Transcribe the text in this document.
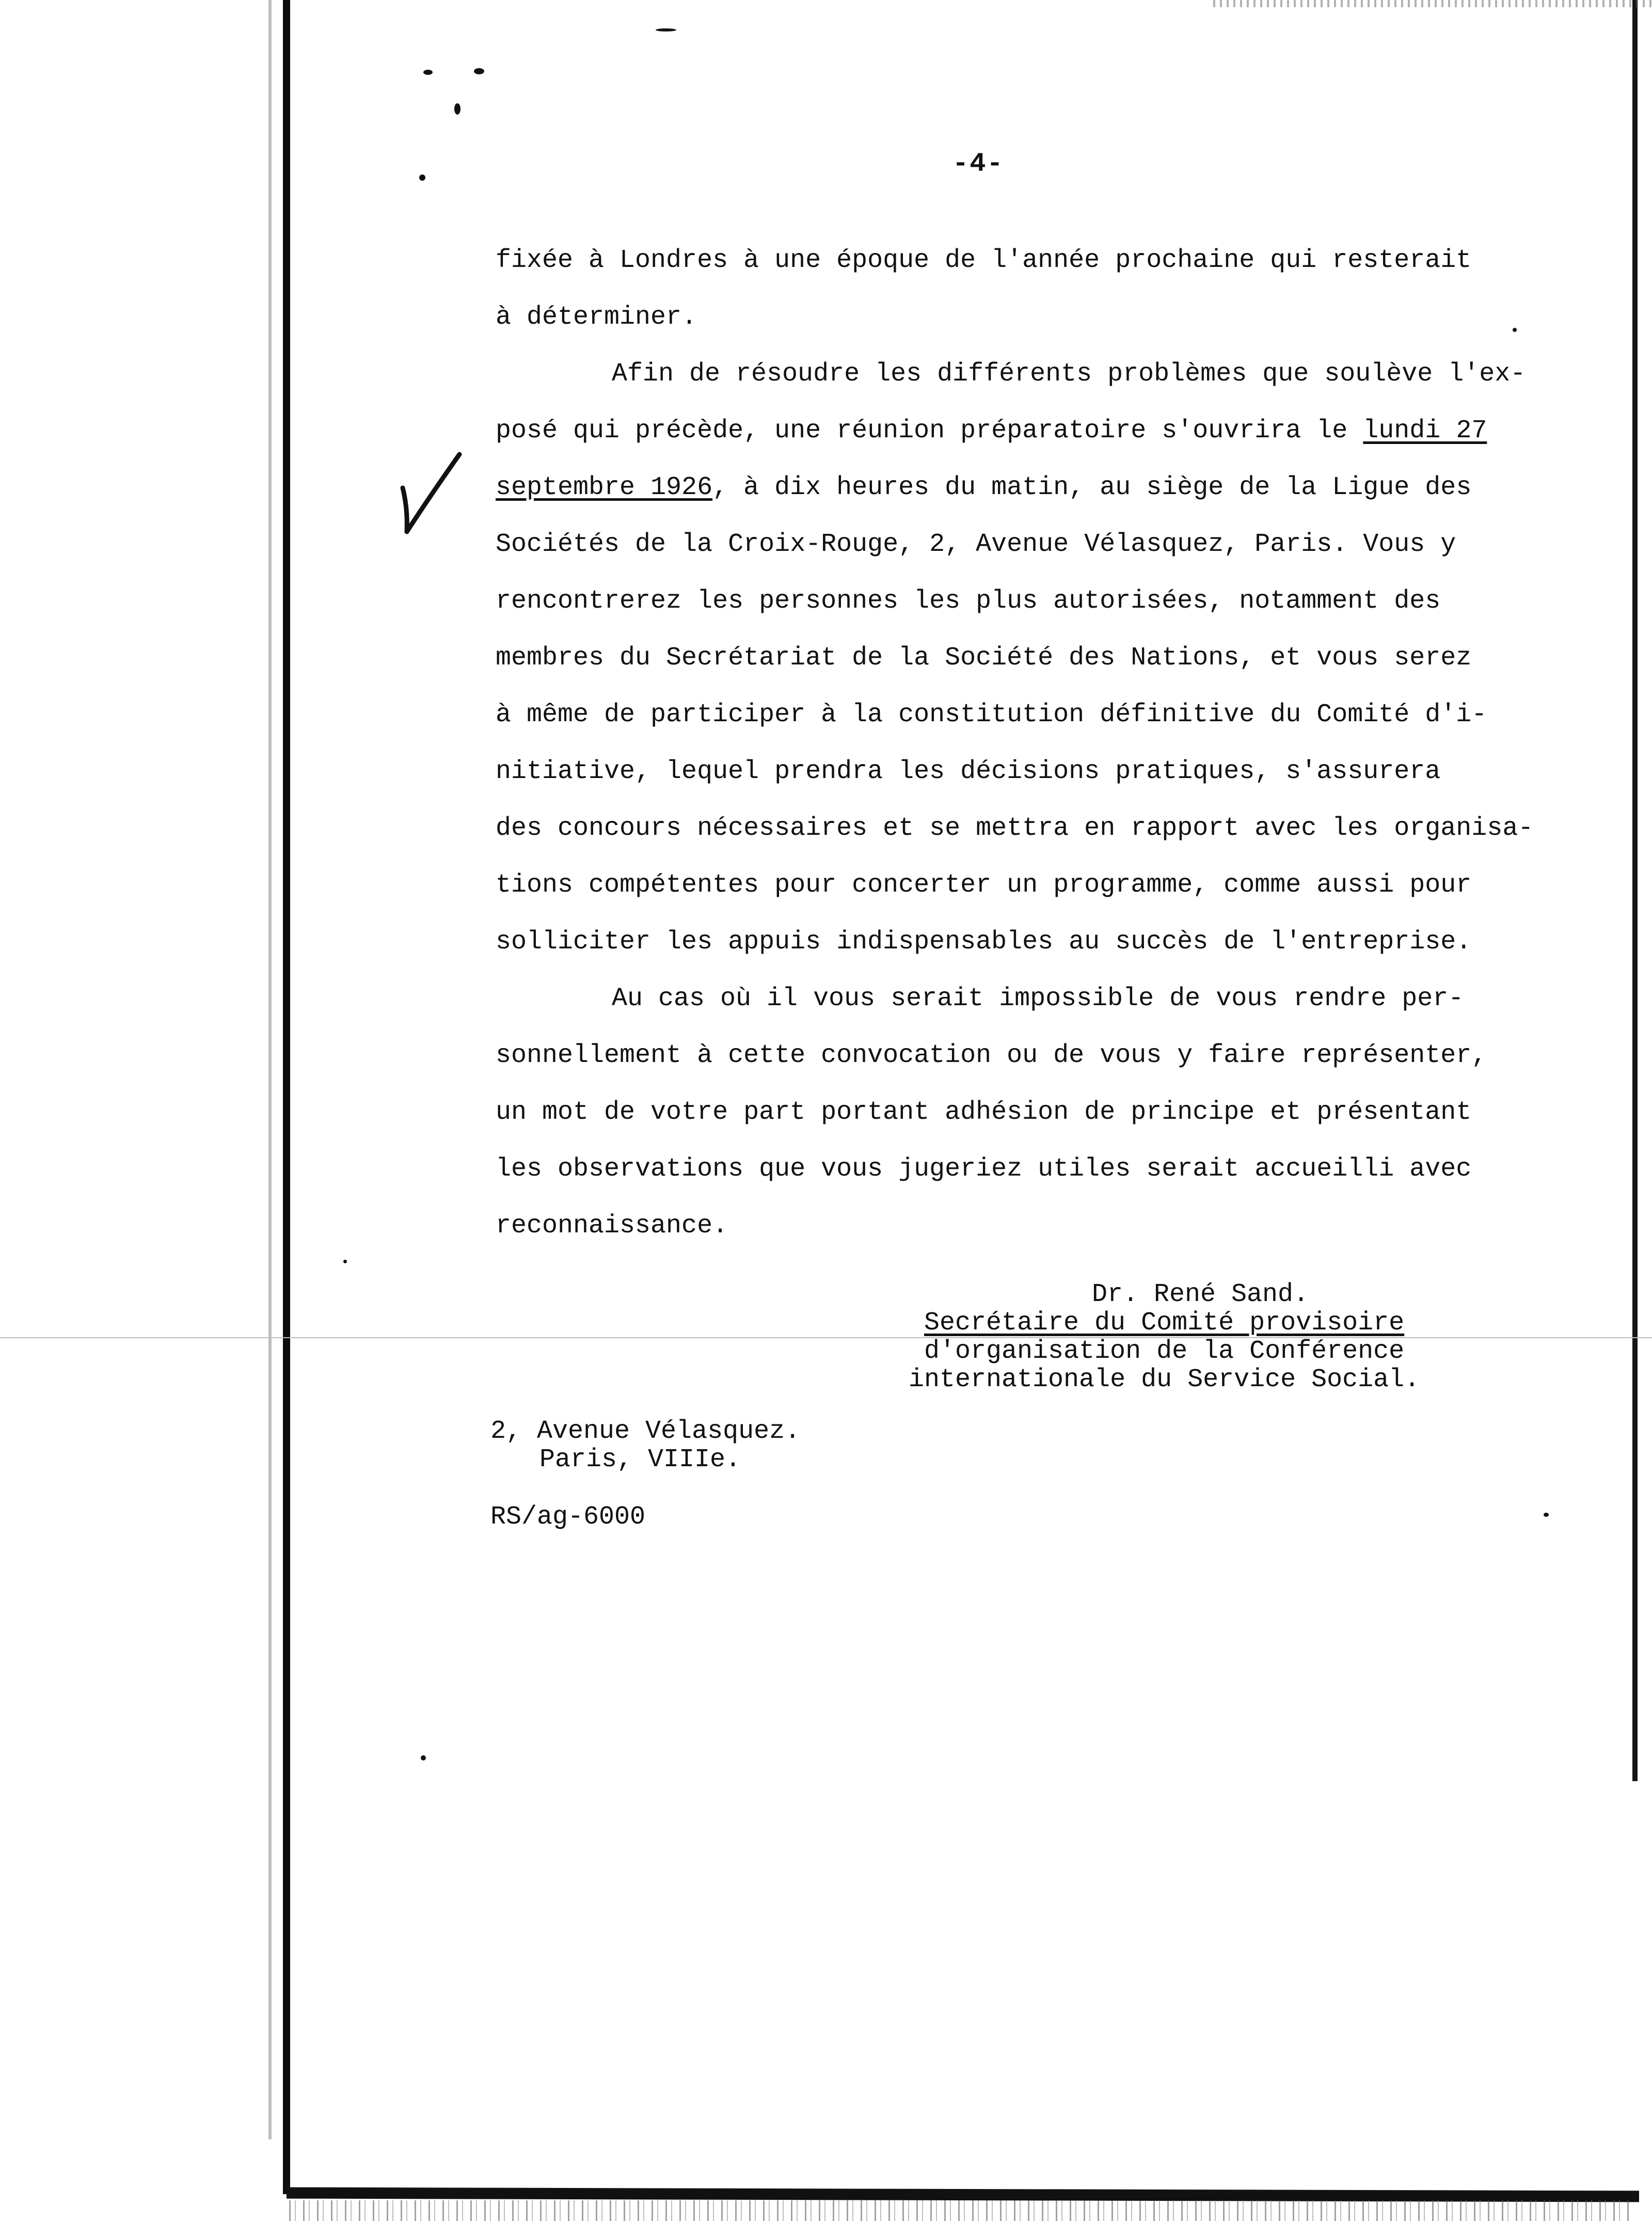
-4-
fixée à Londres à une époque de l'année prochaine qui resterait
à déterminer.
Afin de résoudre les différents problèmes que soulève l'ex-
posé qui précède, une réunion préparatoire s'ouvrira le lundi 27
septembre 1926, à dix heures du matin, au siège de la Ligue des
Sociétés de la Croix-Rouge, 2, Avenue Vélasquez, Paris. Vous y
rencontrerez les personnes les plus autorisées, notamment des
membres du Secrétariat de la Société des Nations, et vous serez
à même de participer à la constitution définitive du Comité d'i-
nitiative, lequel prendra les décisions pratiques, s'assurera
des concours nécessaires et se mettra en rapport avec les organisa-
tions compétentes pour concerter un programme, comme aussi pour
solliciter les appuis indispensables au succès de l'entreprise.
Au cas où il vous serait impossible de vous rendre per-
sonnellement à cette convocation ou de vous y faire représenter,
un mot de votre part portant adhésion de principe et présentant
les observations que vous jugeriez utiles serait accueilli avec
reconnaissance.
Dr. René Sand.
Secrétaire du Comité provisoire
d'organisation de la Conférence
internationale du Service Social.
2, Avenue Vélasquez.
Paris, VIIIe.
RS/ag-6000
